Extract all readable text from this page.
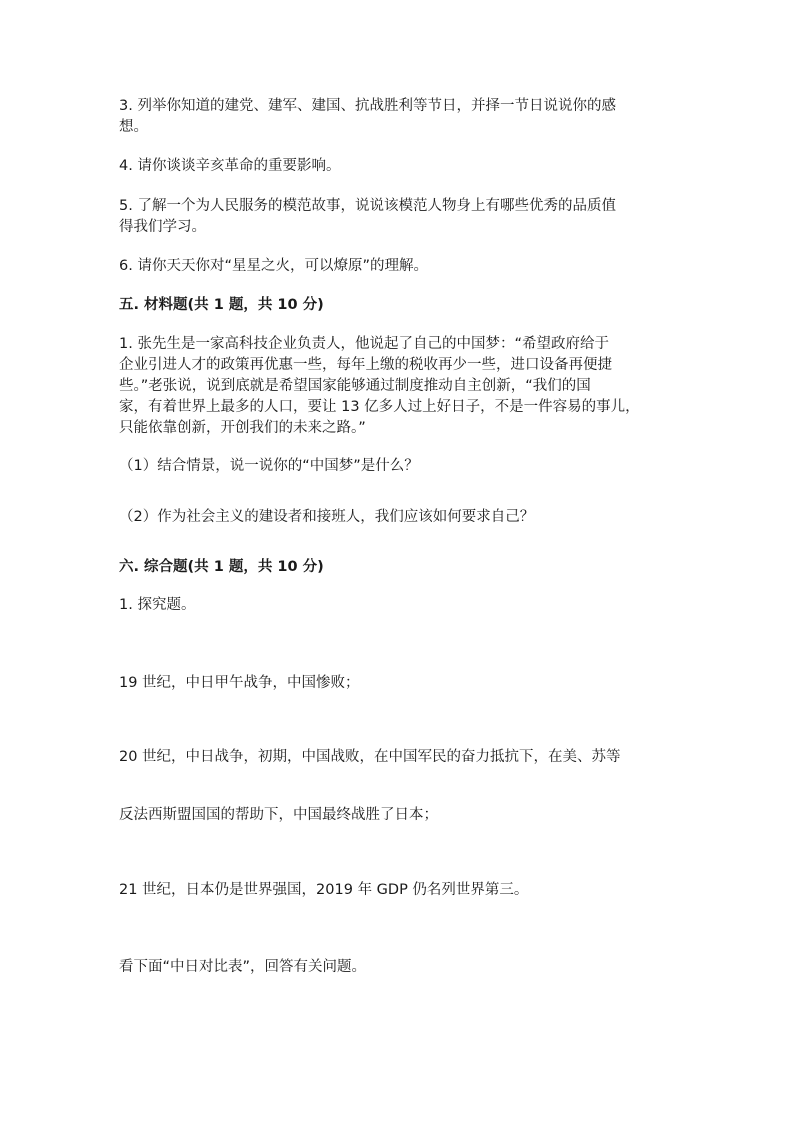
3. 列举你知道的建党、建军、建国、抗战胜利等节日，并择一节日说说你的感
想。
4. 请你谈谈辛亥革命的重要影响。
5. 了解一个为人民服务的模范故事，说说该模范人物身上有哪些优秀的品质值
得我们学习。
6. 请你天天你对“星星之火，可以燎原”的理解。
五. 材料题(共 1 题，共 10 分)
1. 张先生是一家高科技企业负责人，他说起了自己的中国梦：“希望政府给于
企业引进人才的政策再优惠一些，每年上缴的税收再少一些，进口设备再便捷
些。”老张说，说到底就是希望国家能够通过制度推动自主创新，“我们的国
家，有着世界上最多的人口，要让 13 亿多人过上好日子，不是一件容易的事儿，
只能依靠创新，开创我们的未来之路。”
（1）结合情景，说一说你的“中国梦”是什么？
（2）作为社会主义的建设者和接班人，我们应该如何要求自己？
六. 综合题(共 1 题，共 10 分)
1. 探究题。
19 世纪，中日甲午战争，中国惨败；
20 世纪，中日战争，初期，中国战败，在中国军民的奋力抵抗下，在美、苏等
反法西斯盟国国的帮助下，中国最终战胜了日本；
21 世纪，日本仍是世界强国，2019 年 GDP 仍名列世界第三。
看下面“中日对比表”，回答有关问题。
